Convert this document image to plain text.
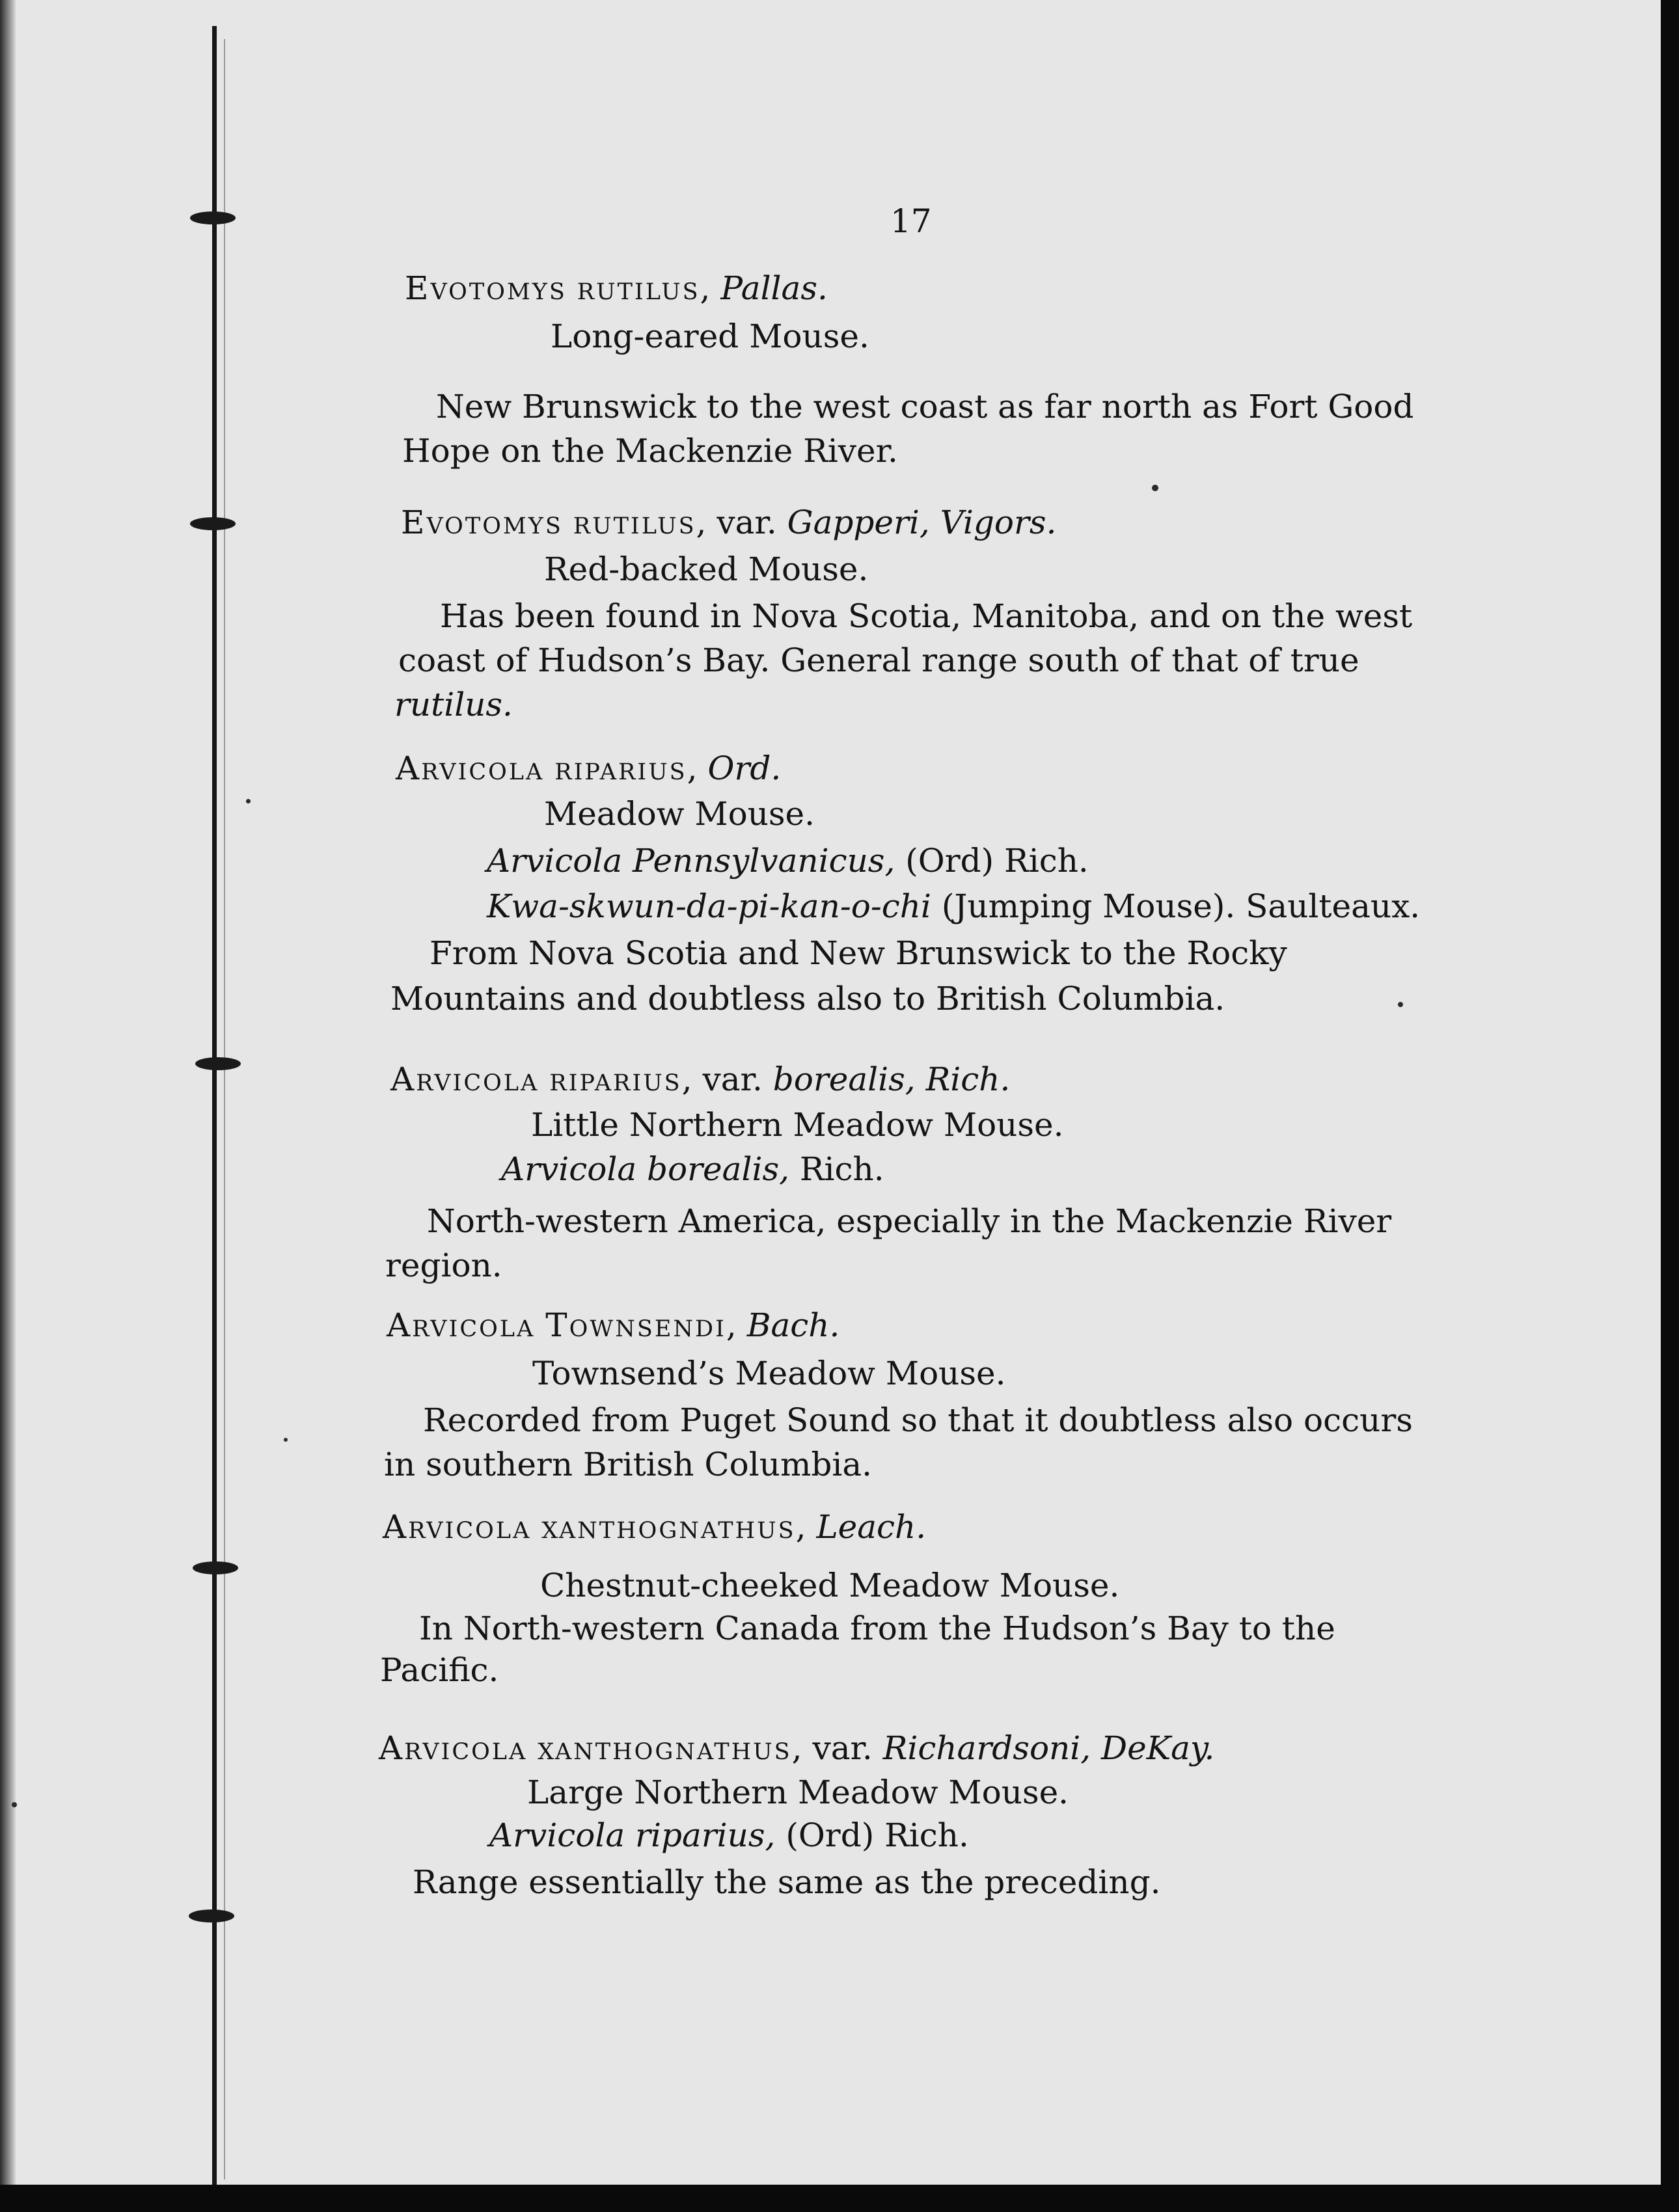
17
Evotomys rutilus, Pallas.
Long-eared Mouse.
New Brunswick to the west coast as far north as Fort Good
Hope on the Mackenzie River.
Evotomys rutilus, var. Gapperi, Vigors.
Red-backed Mouse.
Has been found in Nova Scotia, Manitoba, and on the west
coast of Hudson’s Bay. General range south of that of true
rutilus.
Arvicola riparius, Ord.
Meadow Mouse.
Arvicola Pennsylvanicus, (Ord) Rich.
Kwa-skwun-da-pi-kan-o-chi (Jumping Mouse). Saulteaux.
From Nova Scotia and New Brunswick to the Rocky
Mountains and doubtless also to British Columbia.
Arvicola riparius, var. borealis, Rich.
Little Northern Meadow Mouse.
Arvicola borealis, Rich.
North-western America, especially in the Mackenzie River
region.
Arvicola Townsendi, Bach.
Townsend’s Meadow Mouse.
Recorded from Puget Sound so that it doubtless also occurs
in southern British Columbia.
Arvicola xanthognathus, Leach.
Chestnut-cheeked Meadow Mouse.
In North-western Canada from the Hudson’s Bay to the
Pacific.
Arvicola xanthognathus, var. Richardsoni, DeKay.
Large Northern Meadow Mouse.
Arvicola riparius, (Ord) Rich.
Range essentially the same as the preceding.
